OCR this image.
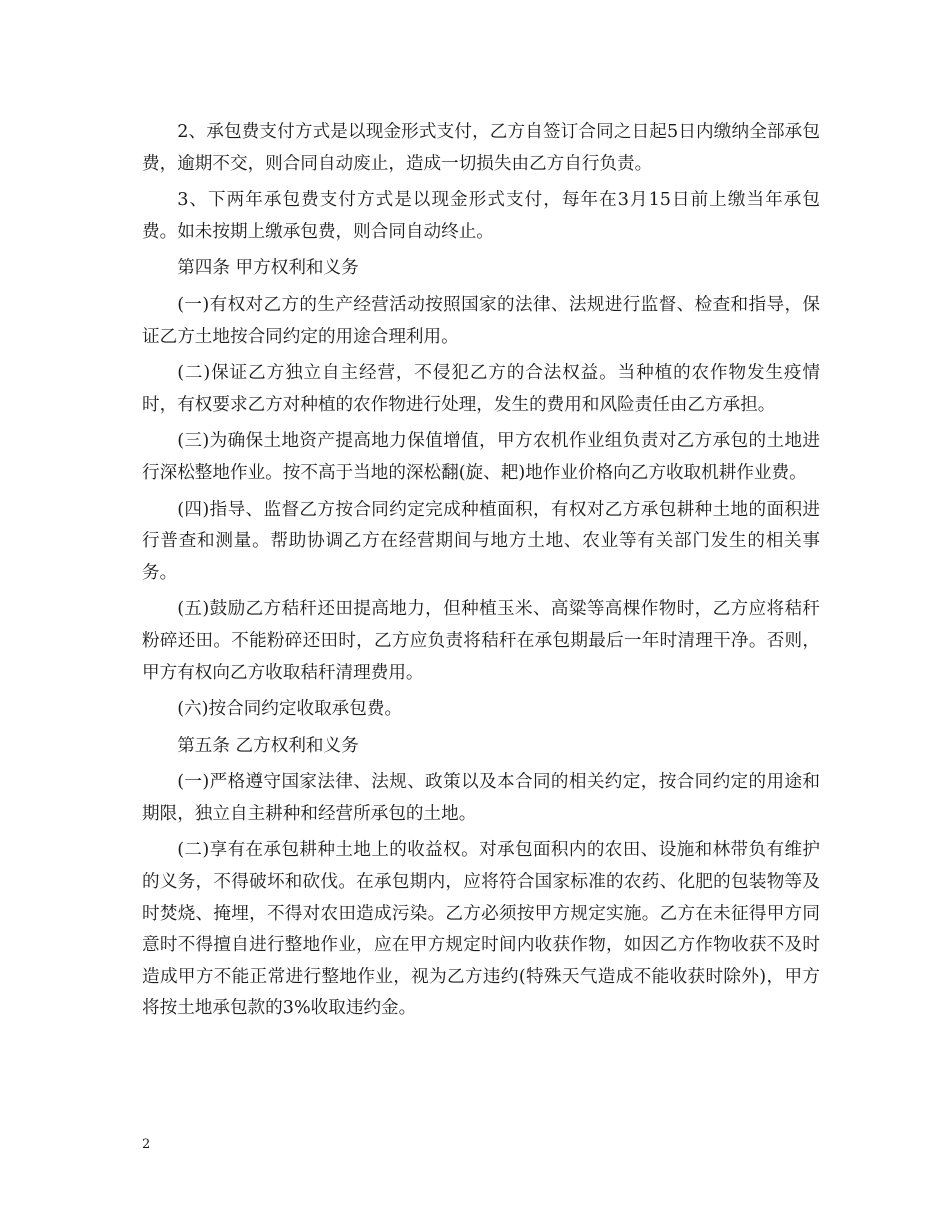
2、承包费支付方式是以现金形式支付，乙方自签订合同之日起5日内缴纳全部承包费，逾期不交，则合同自动废止，造成一切损失由乙方自行负责。

3、下两年承包费支付方式是以现金形式支付，每年在3月15日前上缴当年承包费。如未按期上缴承包费，则合同自动终止。

第四条 甲方权利和义务

(一)有权对乙方的生产经营活动按照国家的法律、法规进行监督、检查和指导，保证乙方土地按合同约定的用途合理利用。

(二)保证乙方独立自主经营，不侵犯乙方的合法权益。当种植的农作物发生疫情时，有权要求乙方对种植的农作物进行处理，发生的费用和风险责任由乙方承担。

(三)为确保土地资产提高地力保值增值，甲方农机作业组负责对乙方承包的土地进行深松整地作业。按不高于当地的深松翻(旋、耙)地作业价格向乙方收取机耕作业费。

(四)指导、监督乙方按合同约定完成种植面积，有权对乙方承包耕种土地的面积进行普查和测量。帮助协调乙方在经营期间与地方土地、农业等有关部门发生的相关事务。

(五)鼓励乙方秸秆还田提高地力，但种植玉米、高粱等高棵作物时，乙方应将秸秆粉碎还田。不能粉碎还田时，乙方应负责将秸秆在承包期最后一年时清理干净。否则，甲方有权向乙方收取秸秆清理费用。

(六)按合同约定收取承包费。

第五条 乙方权利和义务

(一)严格遵守国家法律、法规、政策以及本合同的相关约定，按合同约定的用途和期限，独立自主耕种和经营所承包的土地。

(二)享有在承包耕种土地上的收益权。对承包面积内的农田、设施和林带负有维护的义务，不得破坏和砍伐。在承包期内，应将符合国家标准的农药、化肥的包装物等及时焚烧、掩埋，不得对农田造成污染。乙方必须按甲方规定实施。乙方在未征得甲方同意时不得擅自进行整地作业，应在甲方规定时间内收获作物，如因乙方作物收获不及时造成甲方不能正常进行整地作业，视为乙方违约(特殊天气造成不能收获时除外)，甲方将按土地承包款的3%收取违约金。

2
